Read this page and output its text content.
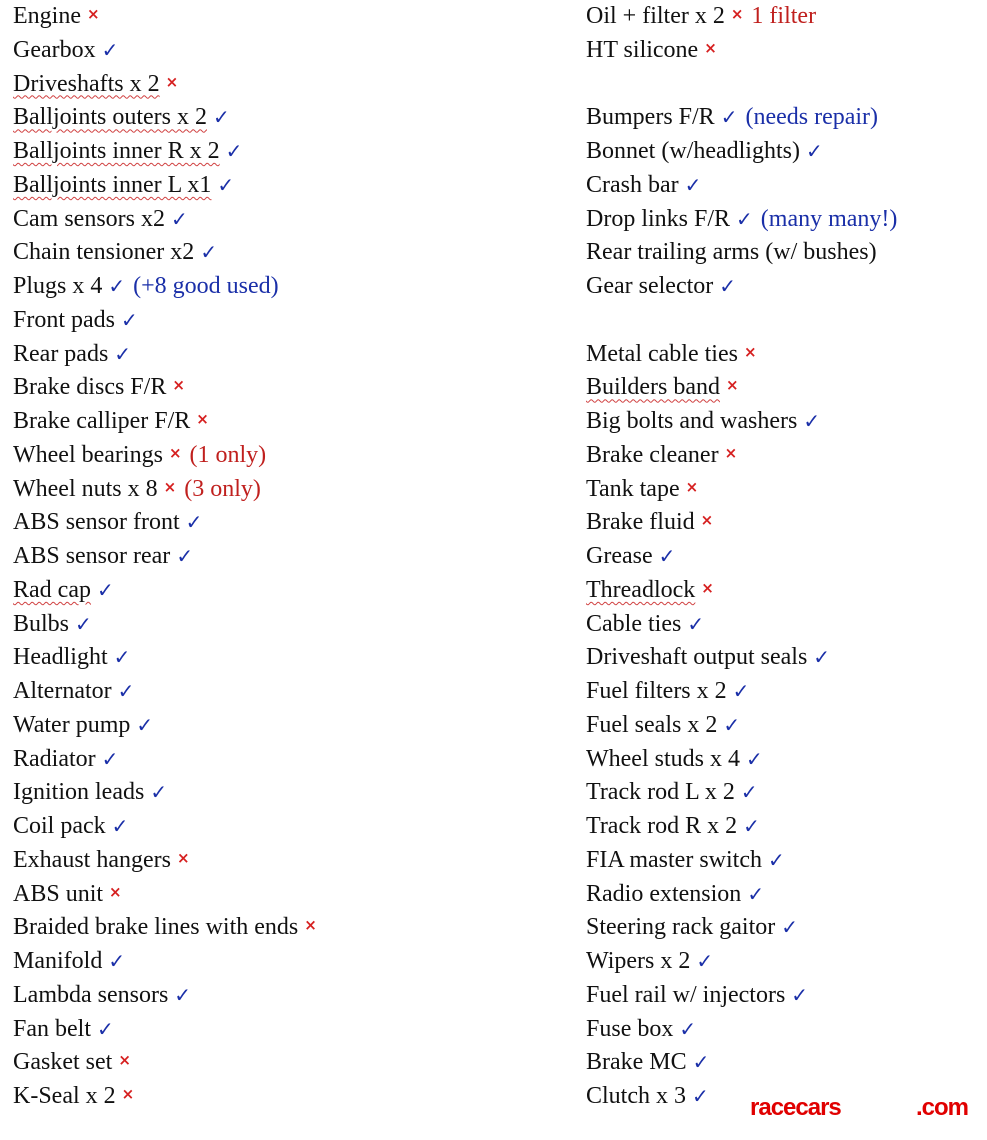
Engine ×
Gearbox ✓
Driveshafts x 2 ×
Balljoints outers x 2 ✓
Balljoints inner R x 2 ✓
Balljoints inner L x1 ✓
Cam sensors x2 ✓
Chain tensioner x2 ✓
Plugs x 4 ✓ (+8 good used)
Front pads ✓
Rear pads ✓
Brake discs F/R ×
Brake calliper F/R ×
Wheel bearings × (1 only)
Wheel nuts x 8 × (3 only)
ABS sensor front ✓
ABS sensor rear ✓
Rad cap ✓
Bulbs ✓
Headlight ✓
Alternator ✓
Water pump ✓
Radiator ✓
Ignition leads ✓
Coil pack ✓
Exhaust hangers ×
ABS unit ×
Braided brake lines with ends ×
Manifold ✓
Lambda sensors ✓
Fan belt ✓
Gasket set ×
K-Seal x 2 ×
Oil + filter x 2 × 1 filter
HT silicone ×
Bumpers F/R ✓ (needs repair)
Bonnet (w/headlights) ✓
Crash bar ✓
Drop links F/R ✓ (many many!)
Rear trailing arms (w/ bushes)
Gear selector ✓
Metal cable ties ×
Builders band ×
Big bolts and washers ✓
Brake cleaner ×
Tank tape ×
Brake fluid ×
Grease ✓
Threadlock ×
Cable ties ✓
Driveshaft output seals ✓
Fuel filters x 2 ✓
Fuel seals x 2 ✓
Wheel studs x 4 ✓
Track rod L x 2 ✓
Track rod R x 2 ✓
FIA master switch ✓
Radio extension ✓
Steering rack gaitor ✓
Wipers x 2 ✓
Fuel rail w/ injectors ✓
Fuse box ✓
Brake MC ✓
Clutch x 3 ✓	racecars	.com
